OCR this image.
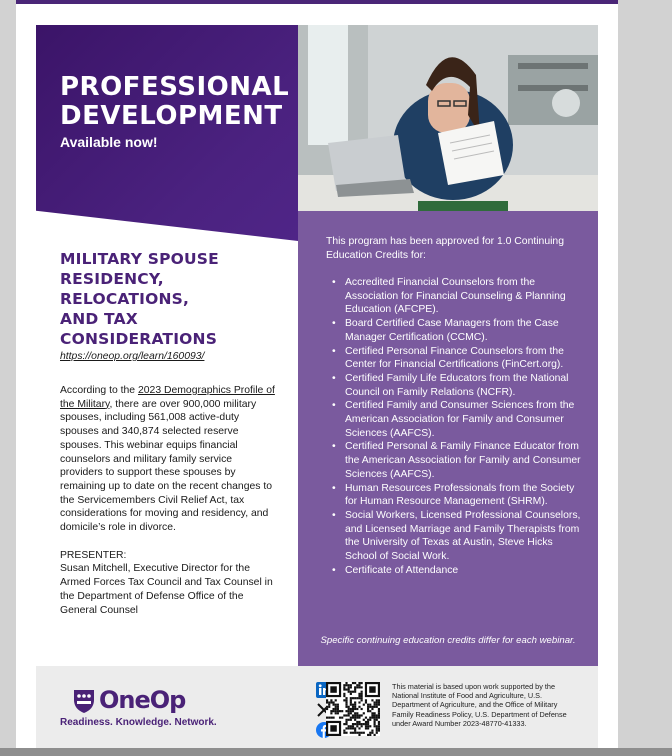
PROFESSIONAL
DEVELOPMENT
Available now!

This program has been approved for 1.0 Continuing Education Credits for:

• Accredited Financial Counselors from the Association for Financial Counseling & Planning Education (AFCPE).
• Board Certified Case Managers from the Case Manager Certification (CCMC).
• Certified Personal Finance Counselors from the Center for Financial Certifications (FinCert.org).
• Certified Family Life Educators from the National Council on Family Relations (NCFR).
• Certified Family and Consumer Sciences from the American Association for Family and Consumer Sciences (AAFCS).
• Certified Personal & Family Finance Educator from the American Association for Family and Consumer Sciences (AAFCS).
• Human Resources Professionals from the Society for Human Resource Management (SHRM).
• Social Workers, Licensed Professional Counselors, and Licensed Marriage and Family Therapists from the University of Texas at Austin, Steve Hicks School of Social Work.
• Certificate of Attendance
Specific continuing education credits differ for each webinar.
MILITARY SPOUSE
RESIDENCY, RELOCATIONS,
AND TAX CONSIDERATIONS

https://oneop.org/learn/160093/

According to the 2023 Demographics Profile of the Military, there are over 900,000 military spouses, including 561,008 active-duty spouses and 340,874 selected reserve spouses. This webinar equips financial counselors and military family service providers to support these spouses by remaining up to date on the recent changes to the Servicemembers Civil Relief Act, tax considerations for moving and residency, and domicile’s role in divorce.

PRESENTER:
Susan Mitchell, Executive Director for the Armed Forces Tax Council and Tax Counsel in the Department of Defense Office of the General Counsel

OneOp
Readiness. Knowledge. Network.

This material is based upon work supported by the National Institute of Food and Agriculture, U.S. Department of Agriculture, and the Office of Military Family Readiness Policy, U.S. Department of Defense under Award Number 2023-48770-41333.
